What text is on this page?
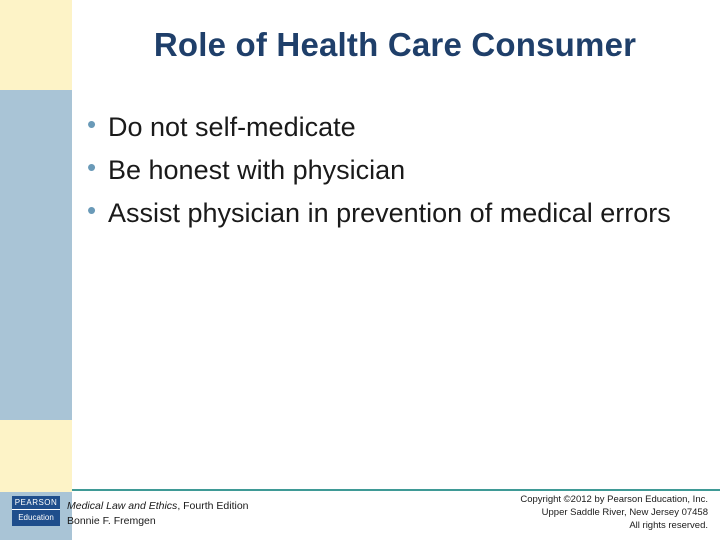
Role of Health Care Consumer
• Do not self-medicate
• Be honest with physician
• Assist physician in prevention of medical errors
PEARSON
Education
Medical Law and Ethics, Fourth Edition
Bonnie F. Fremgen
Copyright ©2012 by Pearson Education, Inc.
Upper Saddle River, New Jersey 07458
All rights reserved.
